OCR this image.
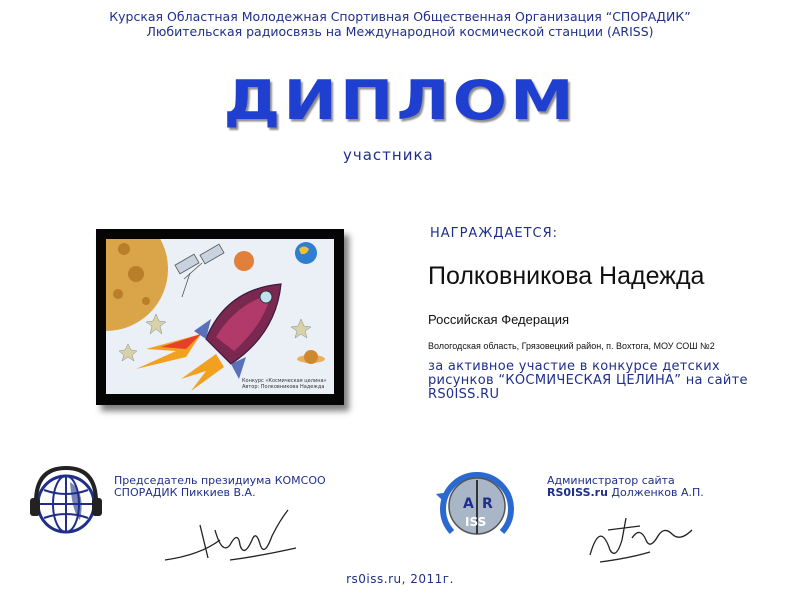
Курская Областная Молодежная Спортивная Общественная Организация “СПОРАДИК”
Любительская радиосвязь на Международной космической станции (ARISS)
ДИПЛОМ
участника
Конкурс «Космическая целина»
Автор: Полковникова Надежда
НАГРАЖДАЕТСЯ:
Полковникова Надежда
Российская Федерация
Вологодская область, Грязовецкий район, п. Вохтога, МОУ СОШ №2
за активное участие в конкурсе детских рисунков “КОСМИЧЕСКАЯ ЦЕЛИНА” на сайте RS0ISS.RU
Председатель президиума КОМСОО
СПОРАДИК Пиккиев В.А.
A R
ISS
Администратор сайта
RS0ISS.ru Долженков А.П.
rs0iss.ru, 2011г.
